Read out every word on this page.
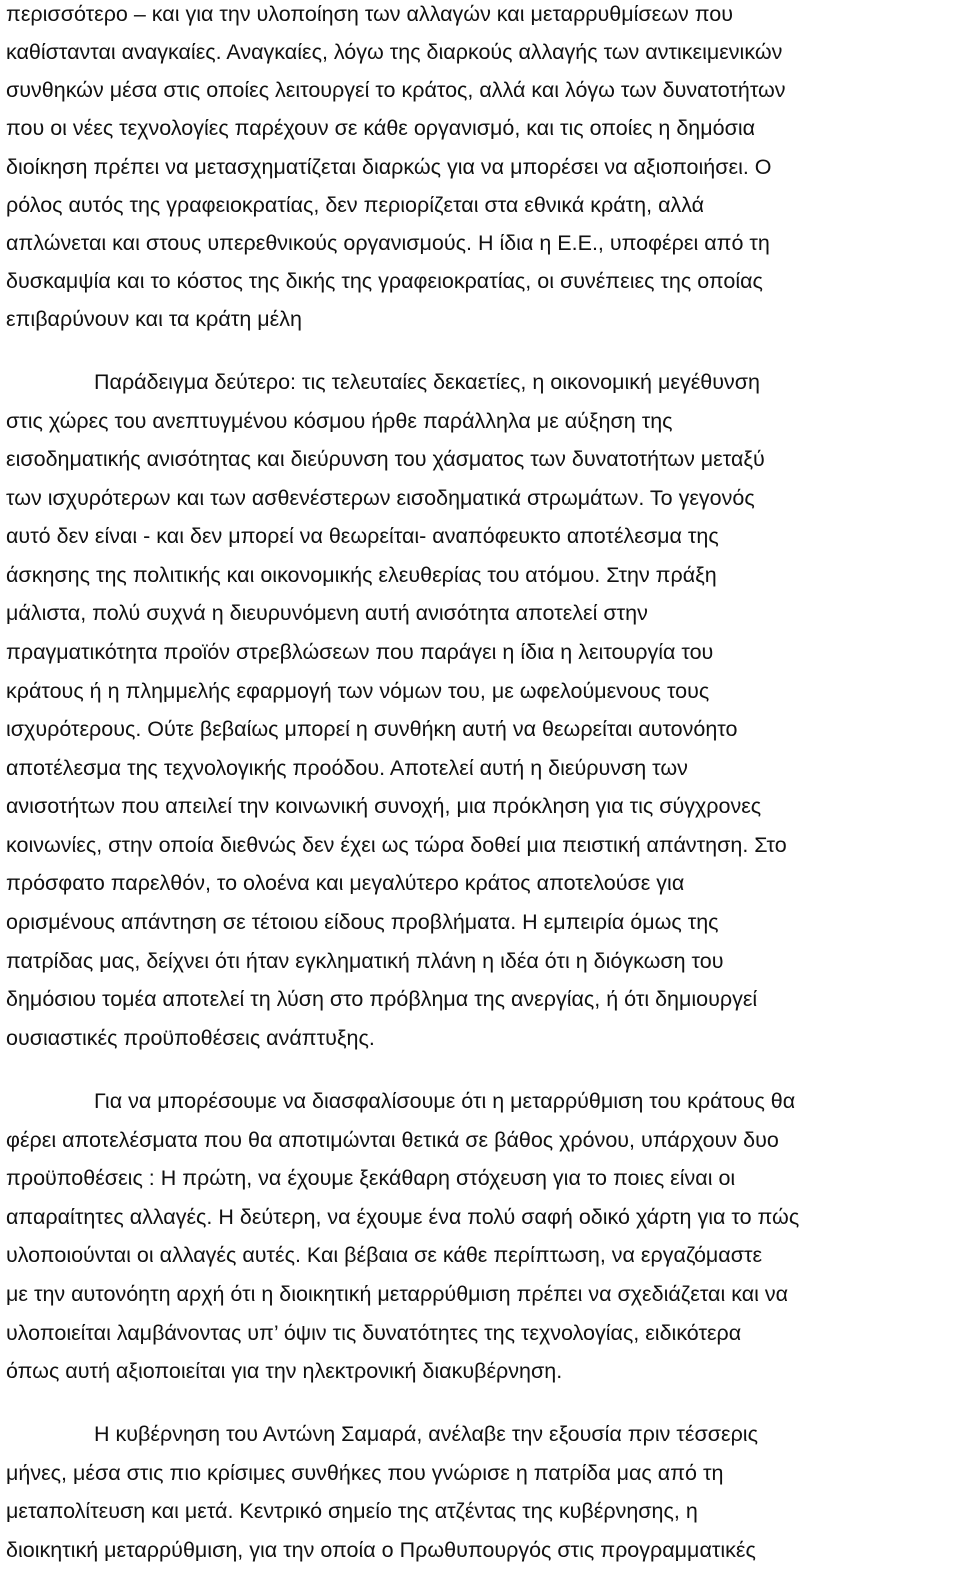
περισσότερο – και για την υλοποίηση των αλλαγών και μεταρρυθμίσεων που
καθίστανται αναγκαίες. Αναγκαίες, λόγω της διαρκούς αλλαγής των αντικειμενικών
συνθηκών μέσα στις οποίες λειτουργεί το κράτος, αλλά και λόγω των δυνατοτήτων
που οι νέες τεχνολογίες παρέχουν σε κάθε οργανισμό, και τις οποίες η δημόσια
διοίκηση πρέπει να μετασχηματίζεται διαρκώς για να μπορέσει να αξιοποιήσει. Ο
ρόλος αυτός της γραφειοκρατίας, δεν περιορίζεται στα εθνικά κράτη, αλλά
απλώνεται και στους υπερεθνικούς οργανισμούς. Η ίδια η Ε.Ε., υποφέρει από τη
δυσκαμψία και το κόστος της δικής της γραφειοκρατίας, οι συνέπειες της οποίας
επιβαρύνουν και τα κράτη μέλη
Παράδειγμα δεύτερο: τις τελευταίες δεκαετίες, η οικονομική μεγέθυνση
στις χώρες του ανεπτυγμένου κόσμου ήρθε παράλληλα με αύξηση της
εισοδηματικής ανισότητας και διεύρυνση του χάσματος των δυνατοτήτων μεταξύ
των ισχυρότερων και των ασθενέστερων εισοδηματικά στρωμάτων. Το γεγονός
αυτό δεν είναι - και δεν μπορεί να θεωρείται- αναπόφευκτο αποτέλεσμα της
άσκησης της πολιτικής και οικονομικής ελευθερίας του ατόμου. Στην πράξη
μάλιστα, πολύ συχνά η διευρυνόμενη αυτή ανισότητα αποτελεί στην
πραγματικότητα προϊόν στρεβλώσεων που παράγει η ίδια η λειτουργία του
κράτους ή η πλημμελής εφαρμογή των νόμων του, με ωφελούμενους τους
ισχυρότερους. Ούτε βεβαίως μπορεί η συνθήκη αυτή να θεωρείται αυτονόητο
αποτέλεσμα της τεχνολογικής προόδου. Αποτελεί αυτή η διεύρυνση των
ανισοτήτων που απειλεί την κοινωνική συνοχή, μια πρόκληση για τις σύγχρονες
κοινωνίες, στην οποία διεθνώς δεν έχει ως τώρα δοθεί μια πειστική απάντηση. Στο
πρόσφατο παρελθόν, το ολοένα και μεγαλύτερο κράτος αποτελούσε για
ορισμένους απάντηση σε τέτοιου είδους προβλήματα. Η εμπειρία όμως της
πατρίδας μας, δείχνει ότι ήταν εγκληματική πλάνη η ιδέα ότι η διόγκωση του
δημόσιου τομέα αποτελεί τη λύση στο πρόβλημα της ανεργίας, ή ότι δημιουργεί
ουσιαστικές προϋποθέσεις ανάπτυξης.
Για να μπορέσουμε να διασφαλίσουμε ότι η μεταρρύθμιση του κράτους θα
φέρει αποτελέσματα που θα αποτιμώνται θετικά σε βάθος χρόνου, υπάρχουν δυο
προϋποθέσεις : Η πρώτη, να έχουμε ξεκάθαρη στόχευση για το ποιες είναι οι
απαραίτητες αλλαγές. Η δεύτερη, να έχουμε ένα πολύ σαφή οδικό χάρτη για το πώς
υλοποιούνται οι αλλαγές αυτές. Και βέβαια σε κάθε περίπτωση, να εργαζόμαστε
με την αυτονόητη αρχή ότι η διοικητική μεταρρύθμιση πρέπει να σχεδιάζεται και να
υλοποιείται λαμβάνοντας υπ’ όψιν τις δυνατότητες της τεχνολογίας, ειδικότερα
όπως αυτή αξιοποιείται για την ηλεκτρονική διακυβέρνηση.
Η κυβέρνηση του Αντώνη Σαμαρά, ανέλαβε την εξουσία πριν τέσσερις
μήνες, μέσα στις πιο κρίσιμες συνθήκες που γνώρισε η πατρίδα μας από τη
μεταπολίτευση και μετά. Κεντρικό σημείο της ατζέντας της κυβέρνησης, η
διοικητική μεταρρύθμιση, για την οποία ο Πρωθυπουργός στις προγραμματικές
